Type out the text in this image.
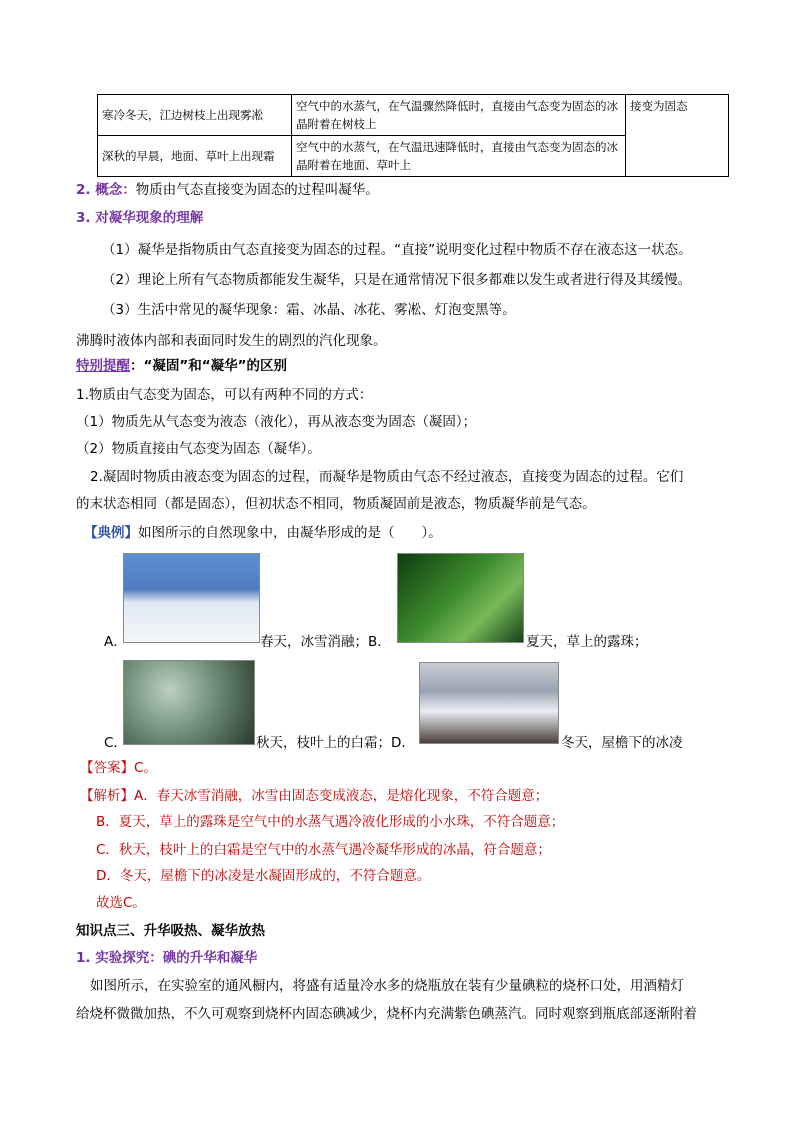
寒冷冬天，江边树枝上出现雾凇	空气中的水蒸气，在气温骤然降低时，直接由气态变为固态的冰晶附着在树枝上	接变为固态
深秋的早晨，地面、草叶上出现霜	空气中的水蒸气，在气温迅速降低时，直接由气态变为固态的冰晶附着在地面、草叶上	
2. 概念：物质由气态直接变为固态的过程叫凝华。
3. 对凝华现象的理解
（1）凝华是指物质由气态直接变为固态的过程。“直接”说明变化过程中物质不存在液态这一状态。
（2）理论上所有气态物质都能发生凝华，只是在通常情况下很多都难以发生或者进行得及其缓慢。
（3）生活中常见的凝华现象：霜、冰晶、冰花、雾凇、灯泡变黑等。
沸腾时液体内部和表面同时发生的剧烈的汽化现象。
特别提醒：“凝固”和“凝华”的区别
1.物质由气态变为固态，可以有两种不同的方式：
（1）物质先从气态变为液态（液化），再从液态变为固态（凝固）；
（2）物质直接由气态变为固态（凝华）。
2.凝固时物质由液态变为固态的过程，而凝华是物质由气态不经过液态，直接变为固态的过程。它们
的末状态相同（都是固态），但初状态不相同，物质凝固前是液态，物质凝华前是气态。
【典例】如图所示的自然现象中，由凝华形成的是（　　）。
A．	春天，冰雪消融；B．	夏天，草上的露珠；
C．	秋天，枝叶上的白霜；D．	冬天，屋檐下的冰凌
【答案】C。
【解析】A．春天冰雪消融，冰雪由固态变成液态，是熔化现象，不符合题意；
B．夏天，草上的露珠是空气中的水蒸气遇冷液化形成的小水珠，不符合题意；
C．秋天，枝叶上的白霜是空气中的水蒸气遇冷凝华形成的冰晶，符合题意；
D．冬天，屋檐下的冰凌是水凝固形成的，不符合题意。
故选C。
知识点三、升华吸热、凝华放热
1. 实验探究：碘的升华和凝华
如图所示，在实验室的通风橱内，将盛有适量冷水多的烧瓶放在装有少量碘粒的烧杯口处，用酒精灯
给烧杯微微加热，不久可观察到烧杯内固态碘减少，烧杯内充满紫色碘蒸汽。同时观察到瓶底部逐渐附着
